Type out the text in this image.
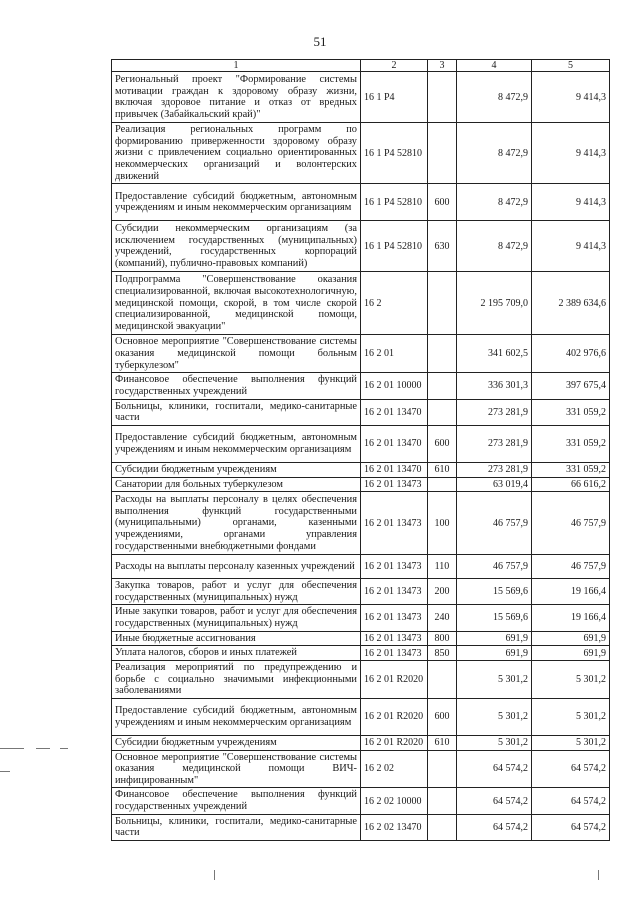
51
1	2	3	4	5
Региональный проект "Формирование системы мотивации граждан к здоровому образу жизни, включая здоровое питание и отказ от вредных привычек (Забайкальский край)"	16 1 P4		8 472,9	9 414,3
Реализация региональных программ по формированию приверженности здоровому образу жизни с привлечением социально ориентированных некоммерческих организаций и волонтерских движений	16 1 P4 52810		8 472,9	9 414,3
Предоставление субсидий бюджетным, автономным учреждениям и иным некоммерческим организациям	16 1 P4 52810	600	8 472,9	9 414,3
Субсидии некоммерческим организациям (за исключением государственных (муниципальных) учреждений, государственных корпораций (компаний), публично-правовых компаний)	16 1 P4 52810	630	8 472,9	9 414,3
Подпрограмма "Совершенствование оказания специализированной, включая высокотехнологичную, медицинской помощи, скорой, в том числе скорой специализированной, медицинской помощи, медицинской эвакуации"	16 2		2 195 709,0	2 389 634,6
Основное мероприятие "Совершенствование системы оказания медицинской помощи больным туберкулезом"	16 2 01		341 602,5	402 976,6
Финансовое обеспечение выполнения функций государственных учреждений	16 2 01 10000		336 301,3	397 675,4
Больницы, клиники, госпитали, медико-санитарные части	16 2 01 13470		273 281,9	331 059,2
Предоставление субсидий бюджетным, автономным учреждениям и иным некоммерческим организациям	16 2 01 13470	600	273 281,9	331 059,2
Субсидии бюджетным учреждениям	16 2 01 13470	610	273 281,9	331 059,2
Санатории для больных туберкулезом	16 2 01 13473		63 019,4	66 616,2
Расходы на выплаты персоналу в целях обеспечения выполнения функций государственными (муниципальными) органами, казенными учреждениями, органами управления государственными внебюджетными фондами	16 2 01 13473	100	46 757,9	46 757,9
Расходы на выплаты персоналу казенных учреждений	16 2 01 13473	110	46 757,9	46 757,9
Закупка товаров, работ и услуг для обеспечения государственных (муниципальных) нужд	16 2 01 13473	200	15 569,6	19 166,4
Иные закупки товаров, работ и услуг для обеспечения государственных (муниципальных) нужд	16 2 01 13473	240	15 569,6	19 166,4
Иные бюджетные ассигнования	16 2 01 13473	800	691,9	691,9
Уплата налогов, сборов и иных платежей	16 2 01 13473	850	691,9	691,9
Реализация мероприятий по предупреждению и борьбе с социально значимыми инфекционными заболеваниями	16 2 01 R2020		5 301,2	5 301,2
Предоставление субсидий бюджетным, автономным учреждениям и иным некоммерческим организациям	16 2 01 R2020	600	5 301,2	5 301,2
Субсидии бюджетным учреждениям	16 2 01 R2020	610	5 301,2	5 301,2
Основное мероприятие "Совершенствование системы оказания медицинской помощи ВИЧ-инфицированным"	16 2 02		64 574,2	64 574,2
Финансовое обеспечение выполнения функций государственных учреждений	16 2 02 10000		64 574,2	64 574,2
Больницы, клиники, госпитали, медико-санитарные части	16 2 02 13470		64 574,2	64 574,2
